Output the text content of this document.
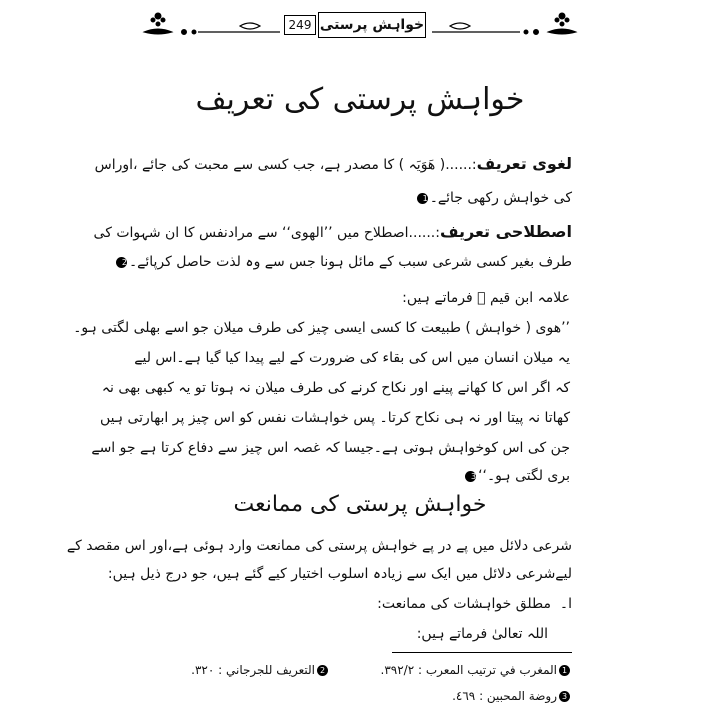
249 خواہش پرستی
خواہش پرستی کی تعریف
لغوی تعریف:......( ھَوَیَہ ) کا مصدر ہے، جب کسی سے محبت کی جائے ،اوراس
کی خواہش رکھی جائے۔1
اصطلاحی تعریف:......اصطلاح میں ’’الھوی‘‘ سے مرادنفس کا ان شہوات کی
طرف بغیر کسی شرعی سبب کے مائل ہونا جس سے وہ لذت حاصل کرپائے۔2
علامہ ابن قیم ﷫ فرماتے ہیں:
’’ھوی ( خواہش ) طبیعت کا کسی ایسی چیز کی طرف میلان جو اسے بھلی لگتی ہو۔
یہ میلان انسان میں اس کی بقاء کی ضرورت کے لیے پیدا کیا گیا ہے۔اس لیے
کہ اگر اس کا کھانے پینے اور نکاح کرنے کی طرف میلان نہ ہوتا تو یہ کبھی بھی نہ
کھاتا نہ پیتا اور نہ ہی نکاح کرتا۔ پس خواہشات نفس کو اس چیز پر ابھارتی ہیں
جن کی اس کوخواہش ہوتی ہے۔جیسا کہ غصہ اس چیز سے دفاع کرتا ہے جو اسے
بری لگتی ہو۔‘‘3
خواہش پرستی کی ممانعت
شرعی دلائل میں پے در پے خواہش پرستی کی ممانعت وارد ہوئی ہے،اور اس مقصد کے
لیےشرعی دلائل میں ایک سے زیادہ اسلوب اختیار کیے گئے ہیں، جو درج ذیل ہیں:
ا۔  مطلق خواہشات کی ممانعت:
اللہ تعالیٰ فرماتے ہیں:
1المغرب في ترتيب المعرب : ٣٩٢/٢.
2التعريف للجرجاني : ٣٢٠.
3روضة المحبين : ٤٦٩.
